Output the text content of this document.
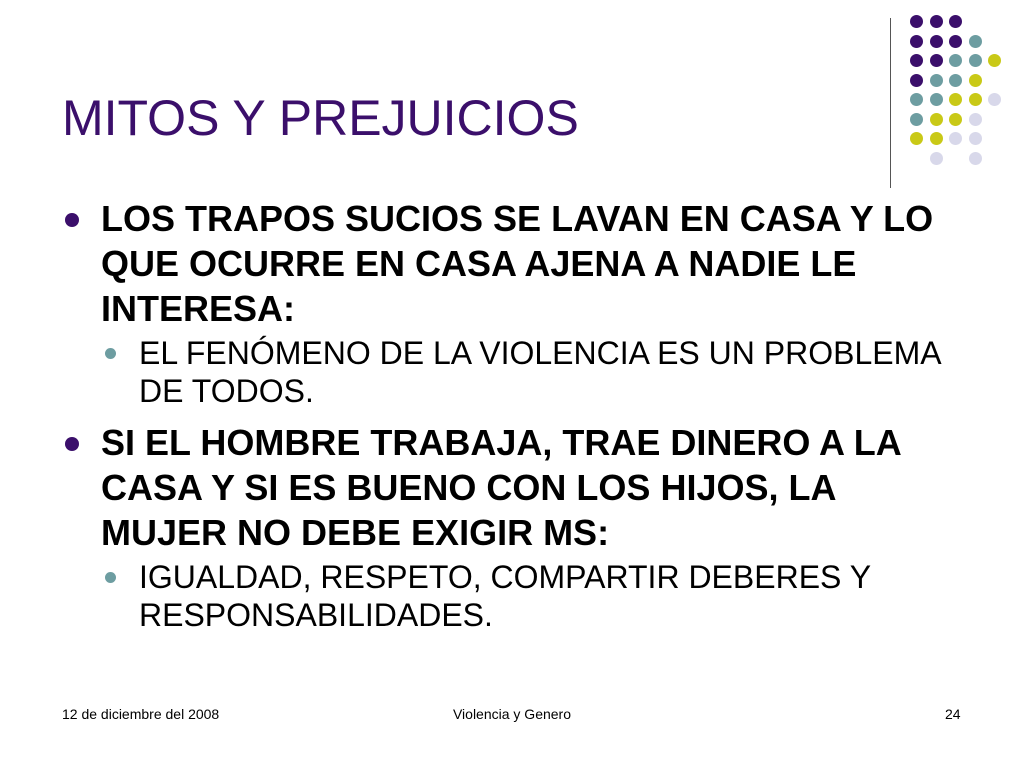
MITOS Y PREJUICIOS
LOS TRAPOS SUCIOS SE LAVAN EN CASA Y LO QUE OCURRE EN CASA AJENA A NADIE LE INTERESA:
EL FENÓMENO DE LA VIOLENCIA ES UN PROBLEMA DE TODOS.
SI EL HOMBRE TRABAJA, TRAE DINERO A LA CASA Y SI ES BUENO CON LOS HIJOS, LA MUJER NO DEBE EXIGIR MS:
IGUALDAD, RESPETO, COMPARTIR DEBERES Y RESPONSABILIDADES.
12 de diciembre del 2008	Violencia y Genero	24
